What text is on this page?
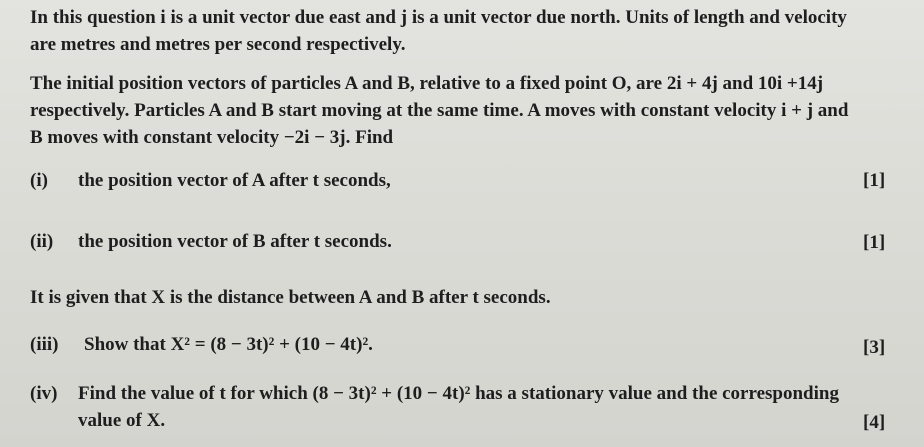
In this question i is a unit vector due east and j is a unit vector due north. Units of length and velocity
are metres and metres per second respectively.
The initial position vectors of particles A and B, relative to a fixed point O, are 2i + 4j and 10i +14j
respectively. Particles A and B start moving at the same time. A moves with constant velocity i + j and
B moves with constant velocity −2i − 3j. Find
(i) the position vector of A after t seconds,	[1]
(ii) the position vector of B after t seconds.	[1]
It is given that X is the distance between A and B after t seconds.
(iii) Show that X² = (8 − 3t)² + (10 − 4t)².	[3]
(iv) Find the value of t for which (8 − 3t)² + (10 − 4t)² has a stationary value and the corresponding
value of X.	[4]
